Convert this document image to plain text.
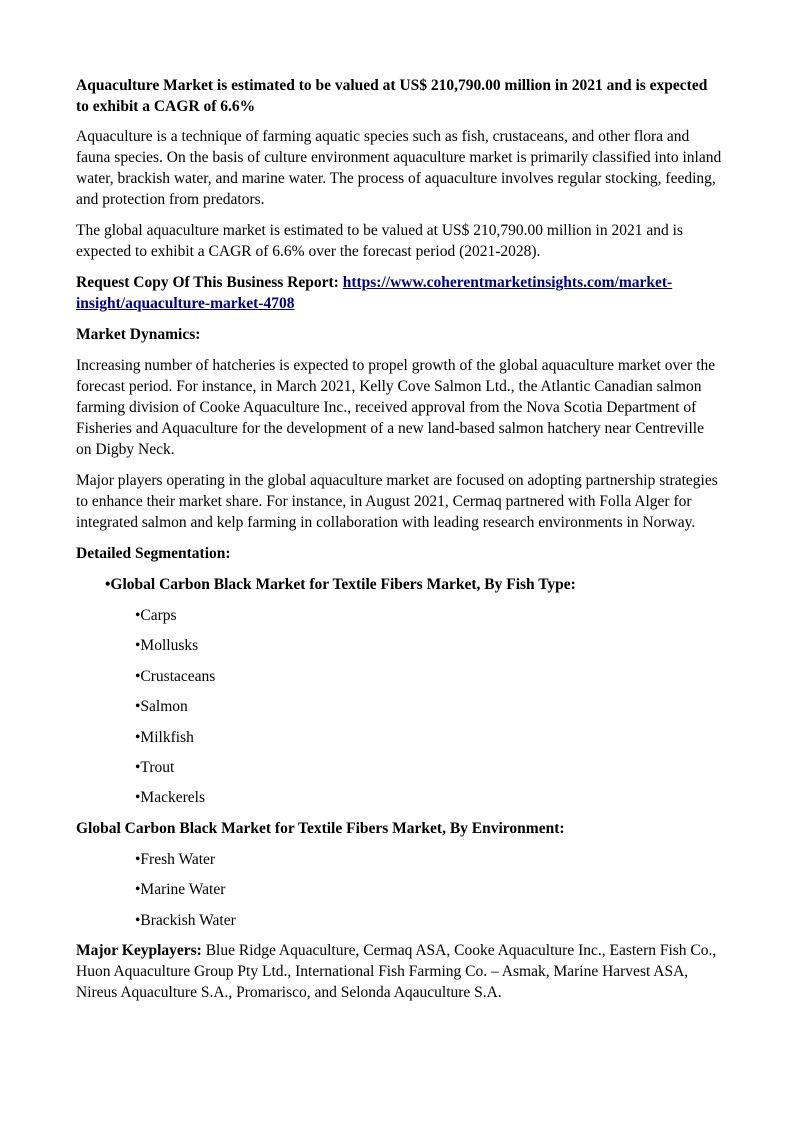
Aquaculture Market is estimated to be valued at US$ 210,790.00 million in 2021 and is expected to exhibit a CAGR of 6.6%

Aquaculture is a technique of farming aquatic species such as fish, crustaceans, and other flora and fauna species. On the basis of culture environment aquaculture market is primarily classified into inland water, brackish water, and marine water. The process of aquaculture involves regular stocking, feeding, and protection from predators.

The global aquaculture market is estimated to be valued at US$ 210,790.00 million in 2021 and is expected to exhibit a CAGR of 6.6% over the forecast period (2021-2028).

Request Copy Of This Business Report: https://www.coherentmarketinsights.com/market-insight/aquaculture-market-4708

Market Dynamics:

Increasing number of hatcheries is expected to propel growth of the global aquaculture market over the forecast period. For instance, in March 2021, Kelly Cove Salmon Ltd., the Atlantic Canadian salmon farming division of Cooke Aquaculture Inc., received approval from the Nova Scotia Department of Fisheries and Aquaculture for the development of a new land-based salmon hatchery near Centreville on Digby Neck.

Major players operating in the global aquaculture market are focused on adopting partnership strategies to enhance their market share. For instance, in August 2021, Cermaq partnered with Folla Alger for integrated salmon and kelp farming in collaboration with leading research environments in Norway.

Detailed Segmentation:

•Global Carbon Black Market for Textile Fibers Market, By Fish Type:

•Carps

•Mollusks

•Crustaceans

•Salmon

•Milkfish

•Trout

•Mackerels

Global Carbon Black Market for Textile Fibers Market, By Environment:

•Fresh Water

•Marine Water

•Brackish Water

Major Keyplayers: Blue Ridge Aquaculture, Cermaq ASA, Cooke Aquaculture Inc., Eastern Fish Co., Huon Aquaculture Group Pty Ltd., International Fish Farming Co. – Asmak, Marine Harvest ASA, Nireus Aquaculture S.A., Promarisco, and Selonda Aqauculture S.A.
